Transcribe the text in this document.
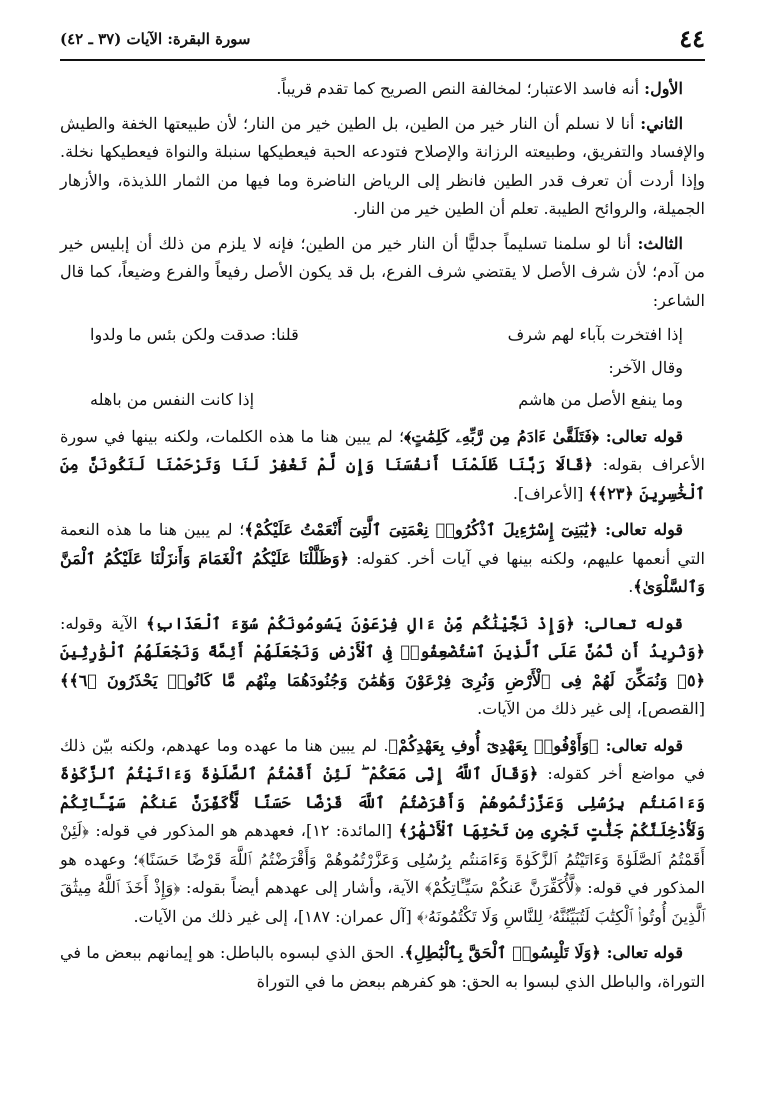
٤٤
سورة البقرة: الآيات (٣٧ ـ ٤٢)

الأول: أنه فاسد الاعتبار؛ لمخالفة النص الصريح كما تقدم قريباً.

الثاني: أنا لا نسلم أن النار خير من الطين، بل الطين خير من النار؛ لأن طبيعتها الخفة والطيش والإفساد والتفريق، وطبيعته الرزانة والإصلاح فتودعه الحبة فيعطيكها سنبلة والنواة فيعطيكها نخلة. وإذا أردت أن تعرف قدر الطين فانظر إلى الرياض الناضرة وما فيها من الثمار اللذيذة، والأزهار الجميلة، والروائح الطيبة. تعلم أن الطين خير من النار.

الثالث: أنا لو سلمنا تسليماً جدليًّا أن النار خير من الطين؛ فإنه لا يلزم من ذلك أن إبليس خير من آدم؛ لأن شرف الأصل لا يقتضي شرف الفرع، بل قد يكون الأصل رفيعاً والفرع وضيعاً، كما قال الشاعر:

إذا افتخرت بآباء لهم شرف
قلنا: صدقت ولكن بئس ما ولدوا
وقال الآخر:
وما ينفع الأصل من هاشم
إذا كانت النفس من باهله

قوله تعالى: ﴿فَتَلَقَّىٰ ءَادَمُ مِن رَّبِّهِۦ كَلِمَٰتٍ﴾؛ لم يبين هنا ما هذه الكلمات، ولكنه بينها في سورة الأعراف بقوله: ﴿قَالَا رَبَّنَا ظَلَمْنَا أَنفُسَنَا وَإِن لَّمْ تَغْفِرْ لَنَا وَتَرْحَمْنَا لَنَكُونَنَّ مِنَ ٱلْخَٰسِرِينَ ﴿٢٣﴾﴾ [الأعراف].

قوله تعالى: ﴿يَٰبَنِىٓ إِسْرَٰٓءِيلَ ٱذْكُرُوا۟ نِعْمَتِىَ ٱلَّتِىٓ أَنْعَمْتُ عَلَيْكُمْ﴾؛ لم يبين هنا ما هذه النعمة التي أنعمها عليهم، ولكنه بينها في آيات أخر. كقوله: ﴿وَظَلَّلْنَا عَلَيْكُمُ ٱلْغَمَامَ وَأَنزَلْنَا عَلَيْكُمُ ٱلْمَنَّ وَٱلسَّلْوَىٰ﴾.

قوله تعالى: ﴿وَإِذْ نَجَّيْنَٰكُم مِّنْ ءَالِ فِرْعَوْنَ يَسُومُونَكُمْ سُوٓءَ ٱلْعَذَابِ﴾ الآية وقوله: ﴿وَنُرِيدُ أَن نَّمُنَّ عَلَى ٱلَّذِينَ ٱسْتُضْعِفُوا۟ فِى ٱلْأَرْضِ وَنَجْعَلَهُمْ أَئِمَّةً وَنَجْعَلَهُمُ ٱلْوَٰرِثِينَ ﴿٥﴾ وَنُمَكِّنَ لَهُمْ فِى ٱلْأَرْضِ وَنُرِىَ فِرْعَوْنَ وَهَٰمَٰنَ وَجُنُودَهُمَا مِنْهُم مَّا كَانُوا۟ يَحْذَرُونَ ﴿٦﴾﴾ [القصص]، إلى غير ذلك من الآيات.

قوله تعالى: ﴿وَأَوْفُوا۟ بِعَهْدِىٓ أُوفِ بِعَهْدِكُمْ﴾. لم يبين هنا ما عهده وما عهدهم، ولكنه بيّن ذلك في مواضع أخر كقوله: ﴿وَقَالَ ٱللَّهُ إِنِّى مَعَكُمْ ۖ لَئِنْ أَقَمْتُمُ ٱلصَّلَوٰةَ وَءَاتَيْتُمُ ٱلزَّكَوٰةَ وَءَامَنتُم بِرُسُلِى وَعَزَّرْتُمُوهُمْ وَأَقْرَضْتُمُ ٱللَّهَ قَرْضًا حَسَنًا لَّأُكَفِّرَنَّ عَنكُمْ سَيِّـَٔاتِكُمْ وَلَأُدْخِلَنَّكُمْ جَنَّٰتٍ تَجْرِى مِن تَحْتِهَا ٱلْأَنْهَٰرُ﴾ [المائدة: ١٢]، فعهدهم هو المذكور في قوله: ﴿لَئِنْ أَقَمْتُمُ ٱلصَّلَوٰةَ وَءَاتَيْتُمُ ٱلزَّكَوٰةَ وَءَامَنتُم بِرُسُلِى وَعَزَّرْتُمُوهُمْ وَأَقْرَضْتُمُ ٱللَّهَ قَرْضًا حَسَنًا﴾؛ وعهده هو المذكور في قوله: ﴿لَّأُكَفِّرَنَّ عَنكُمْ سَيِّـَٔاتِكُمْ﴾ الآية، وأشار إلى عهدهم أيضاً بقوله: ﴿وَإِذْ أَخَذَ ٱللَّهُ مِيثَٰقَ ٱلَّذِينَ أُوتُوا۟ ٱلْكِتَٰبَ لَتُبَيِّنُنَّهُۥ لِلنَّاسِ وَلَا تَكْتُمُونَهُۥ﴾ [آل عمران: ١٨٧]، إلى غير ذلك من الآيات.

قوله تعالى: ﴿وَلَا تَلْبِسُوا۟ ٱلْحَقَّ بِٱلْبَٰطِلِ﴾. الحق الذي لبسوه بالباطل: هو إيمانهم ببعض ما في التوراة، والباطل الذي لبسوا به الحق: هو كفرهم ببعض ما في التوراة
